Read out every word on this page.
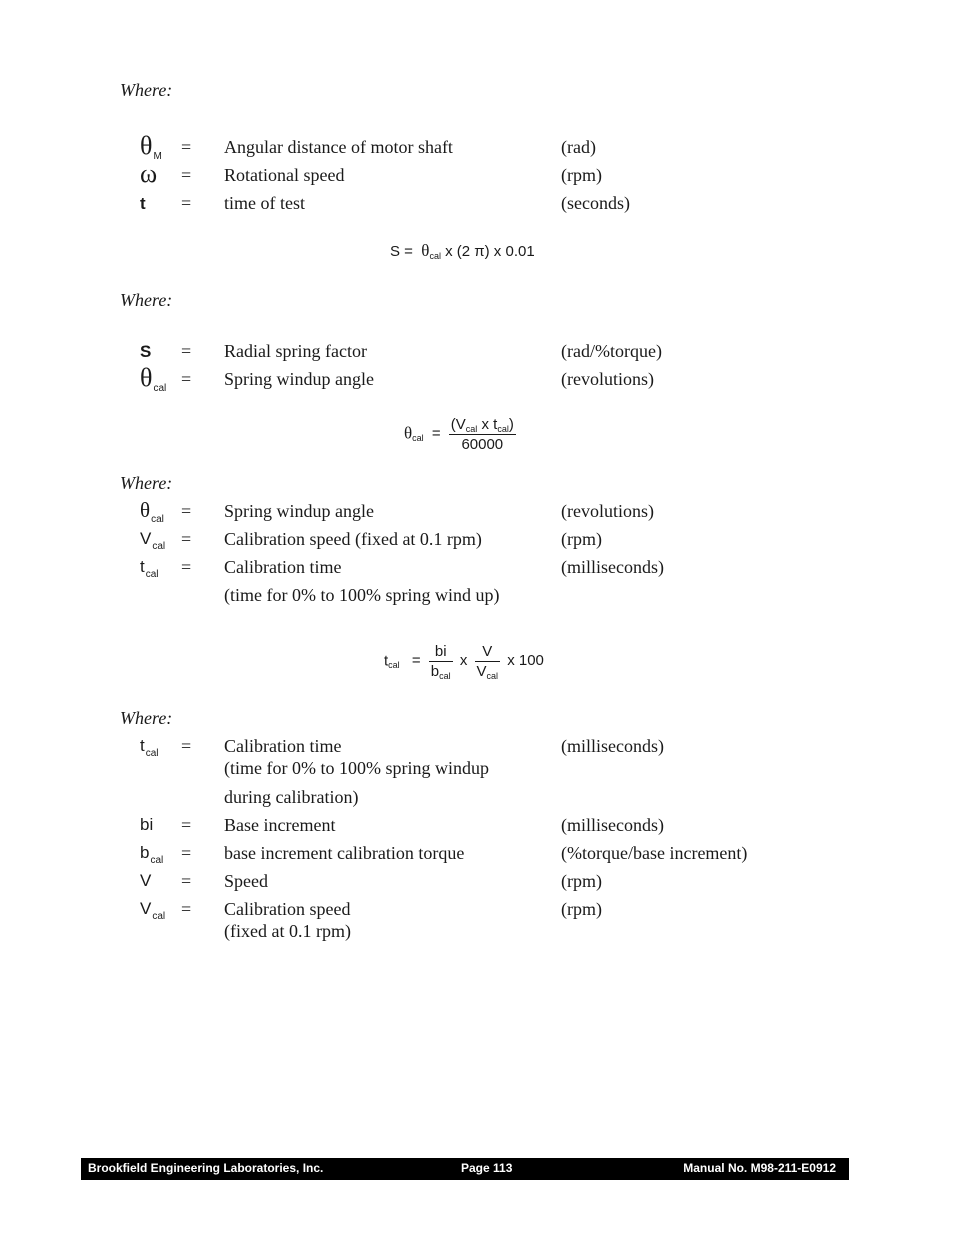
Where:
θM = Angular distance of motor shaft	(rad)
ω = Rotational speed	(rpm)
t = time of test	(seconds)
$S = \theta_{cal}$ x (2 π) x 0.01
Where:
S = Radial spring factor	(rad/%torque)
θcal = Spring windup angle	(revolutions)
$\theta_{cal} = \frac{(V_{cal} x t_{cal})}{60000}$
Where:
$\theta_{cal}$ = Spring windup angle	(revolutions)
$V_{cal}$ = Calibration speed (fixed at 0.1 rpm)	(rpm)
$t_{cal}$ = Calibration time	(milliseconds)
(time for 0% to 100% spring wind up)
$t_{cal} = \frac{bi}{b_{cal}}$ x $\frac{V}{V_{cal}}$ x 100
Where:
$t_{cal}$ = Calibration time	(milliseconds)
(time for 0% to 100% spring windup
during calibration)
bi = Base increment	(milliseconds)
$b_{cal}$ = base increment calibration torque	(%torque/base increment)
V = Speed	(rpm)
$V_{cal}$ = Calibration speed	(rpm)
(fixed at 0.1 rpm)
Brookfield Engineering Laboratories, Inc.	Page 113	Manual No. M98-211-E0912
